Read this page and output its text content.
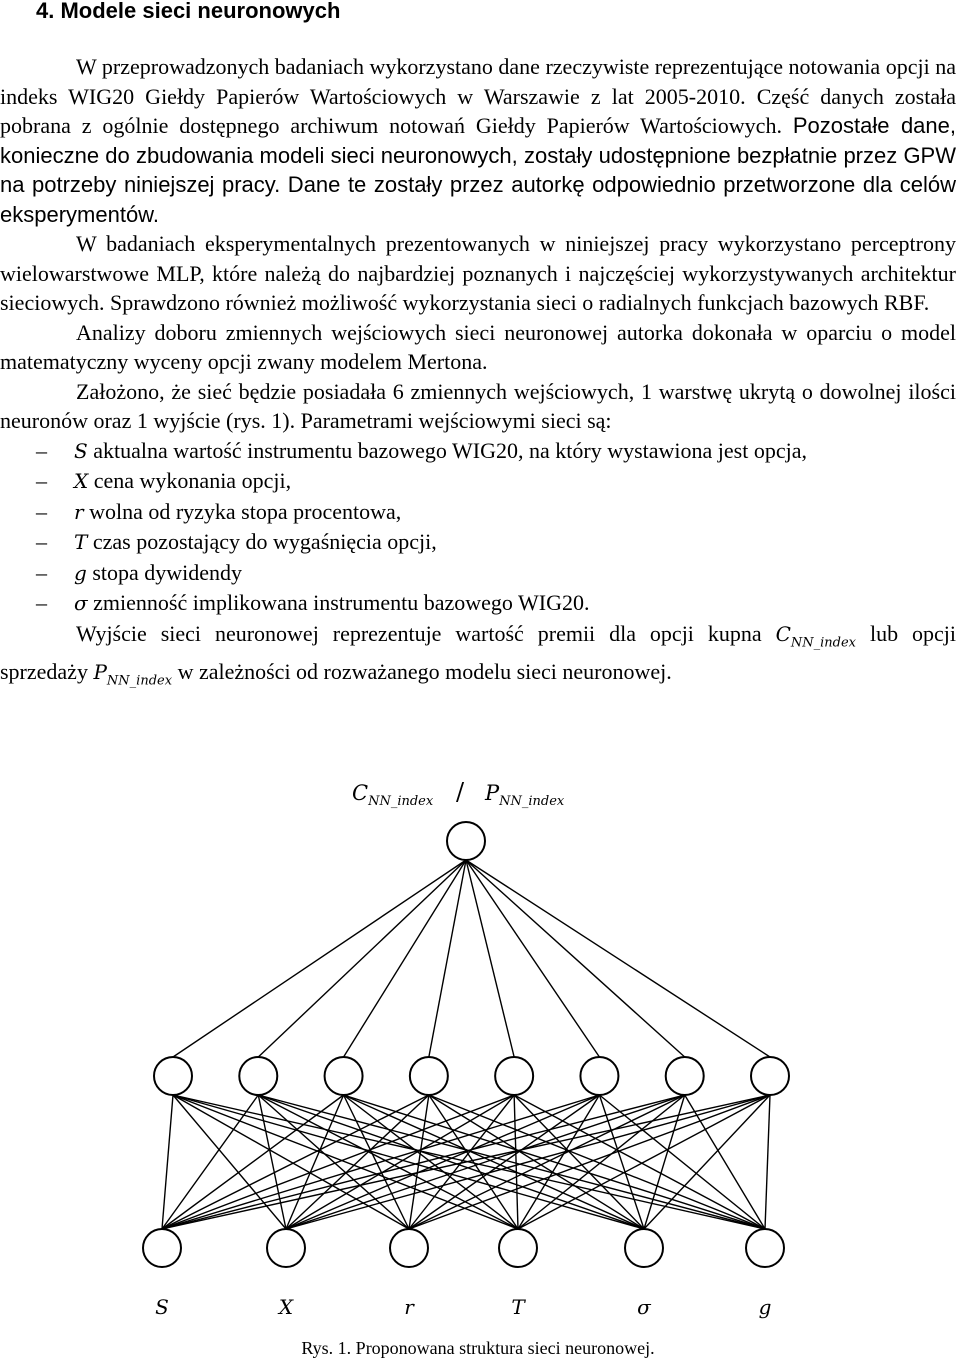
4. Modele sieci neuronowych

W przeprowadzonych badaniach wykorzystano dane rzeczywiste reprezentujące notowania opcji na indeks WIG20 Giełdy Papierów Wartościowych w Warszawie z lat 2005-2010. Część danych została pobrana z ogólnie dostępnego archiwum notowań Giełdy Papierów Wartościowych. Pozostałe dane, konieczne do zbudowania modeli sieci neuronowych, zostały udostępnione bezpłatnie przez GPW na potrzeby niniejszej pracy. Dane te zostały przez autorkę odpowiednio przetworzone dla celów eksperymentów.

W badaniach eksperymentalnych prezentowanych w niniejszej pracy wykorzystano perceptrony wielowarstwowe MLP, które należą do najbardziej poznanych i najczęściej wykorzystywanych architektur sieciowych. Sprawdzono również możliwość wykorzystania sieci o radialnych funkcjach bazowych RBF.

Analizy doboru zmiennych wejściowych sieci neuronowej autorka dokonała w oparciu o model matematyczny wyceny opcji zwany modelem Mertona.

Założono, że sieć będzie posiadała 6 zmiennych wejściowych, 1 warstwę ukrytą o dowolnej ilości neuronów oraz 1 wyjście (rys. 1). Parametrami wejściowymi sieci są:

– S aktualna wartość instrumentu bazowego WIG20, na który wystawiona jest opcja,
– X cena wykonania opcji,
– r wolna od ryzyka stopa procentowa,
– T czas pozostający do wygaśnięcia opcji,
– g stopa dywidendy
– σ zmienność implikowana instrumentu bazowego WIG20.

Wyjście sieci neuronowej reprezentuje wartość premii dla opcji kupna $C_{NN\_index}$ lub opcji sprzedaży $P_{NN\_index}$ w zależności od rozważanego modelu sieci neuronowej.

$C_{NN\_index} / P_{NN\_index}$
S	X	r	T	σ	g
Rys. 1. Proponowana struktura sieci neuronowej.
